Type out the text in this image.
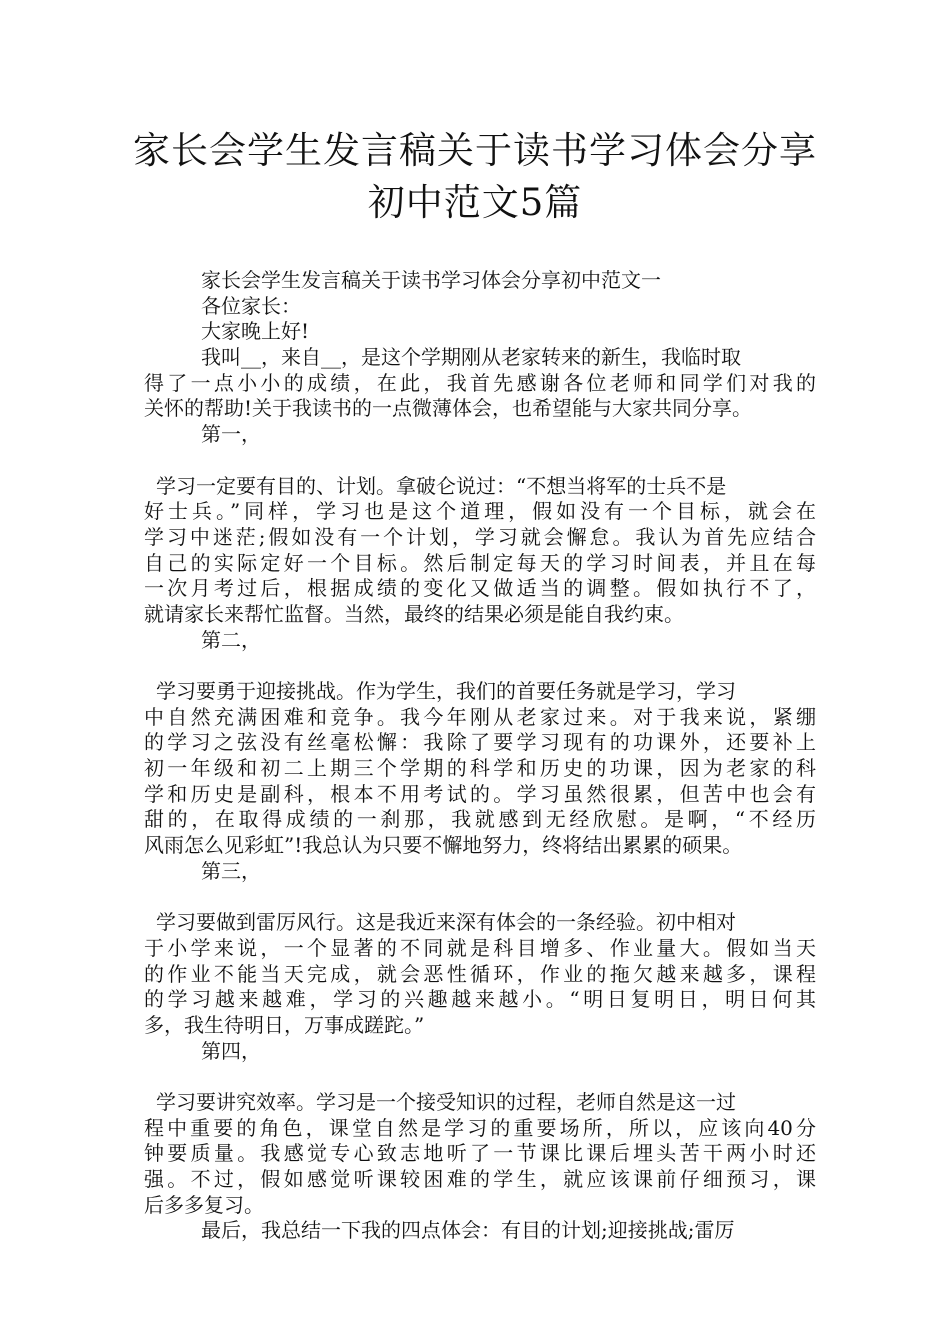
家长会学生发言稿关于读书学习体会分享
初中范文5篇
家长会学生发言稿关于读书学习体会分享初中范文一
各位家长：
大家晚上好!
我叫__，来自__，是这个学期刚从老家转来的新生，我临时取
得了一点小小的成绩，在此，我首先感谢各位老师和同学们对我的
关怀的帮助!关于我读书的一点微薄体会，也希望能与大家共同分享。
第一，
学习一定要有目的、计划。拿破仑说过：“不想当将军的士兵不是
好士兵。”同样，学习也是这个道理，假如没有一个目标，就会在
学习中迷茫;假如没有一个计划，学习就会懈怠。我认为首先应结合
自己的实际定好一个目标。然后制定每天的学习时间表，并且在每
一次月考过后，根据成绩的变化又做适当的调整。假如执行不了，
就请家长来帮忙监督。当然，最终的结果必须是能自我约束。
第二，
学习要勇于迎接挑战。作为学生，我们的首要任务就是学习，学习
中自然充满困难和竞争。我今年刚从老家过来。对于我来说，紧绷
的学习之弦没有丝毫松懈：我除了要学习现有的功课外，还要补上
初一年级和初二上期三个学期的科学和历史的功课，因为老家的科
学和历史是副科，根本不用考试的。学习虽然很累，但苦中也会有
甜的，在取得成绩的一刹那，我就感到无经欣慰。是啊，“不经历
风雨怎么见彩虹”!我总认为只要不懈地努力，终将结出累累的硕果。
第三，
学习要做到雷厉风行。这是我近来深有体会的一条经验。初中相对
于小学来说，一个显著的不同就是科目增多、作业量大。假如当天
的作业不能当天完成，就会恶性循环，作业的拖欠越来越多，课程
的学习越来越难，学习的兴趣越来越小。“明日复明日，明日何其
多，我生待明日，万事成蹉跎。”
第四，
学习要讲究效率。学习是一个接受知识的过程，老师自然是这一过
程中重要的角色，课堂自然是学习的重要场所，所以，应该向40分
钟要质量。我感觉专心致志地听了一节课比课后埋头苦干两小时还
强。不过，假如感觉听课较困难的学生，就应该课前仔细预习，课
后多多复习。
最后，我总结一下我的四点体会：有目的计划;迎接挑战;雷厉
